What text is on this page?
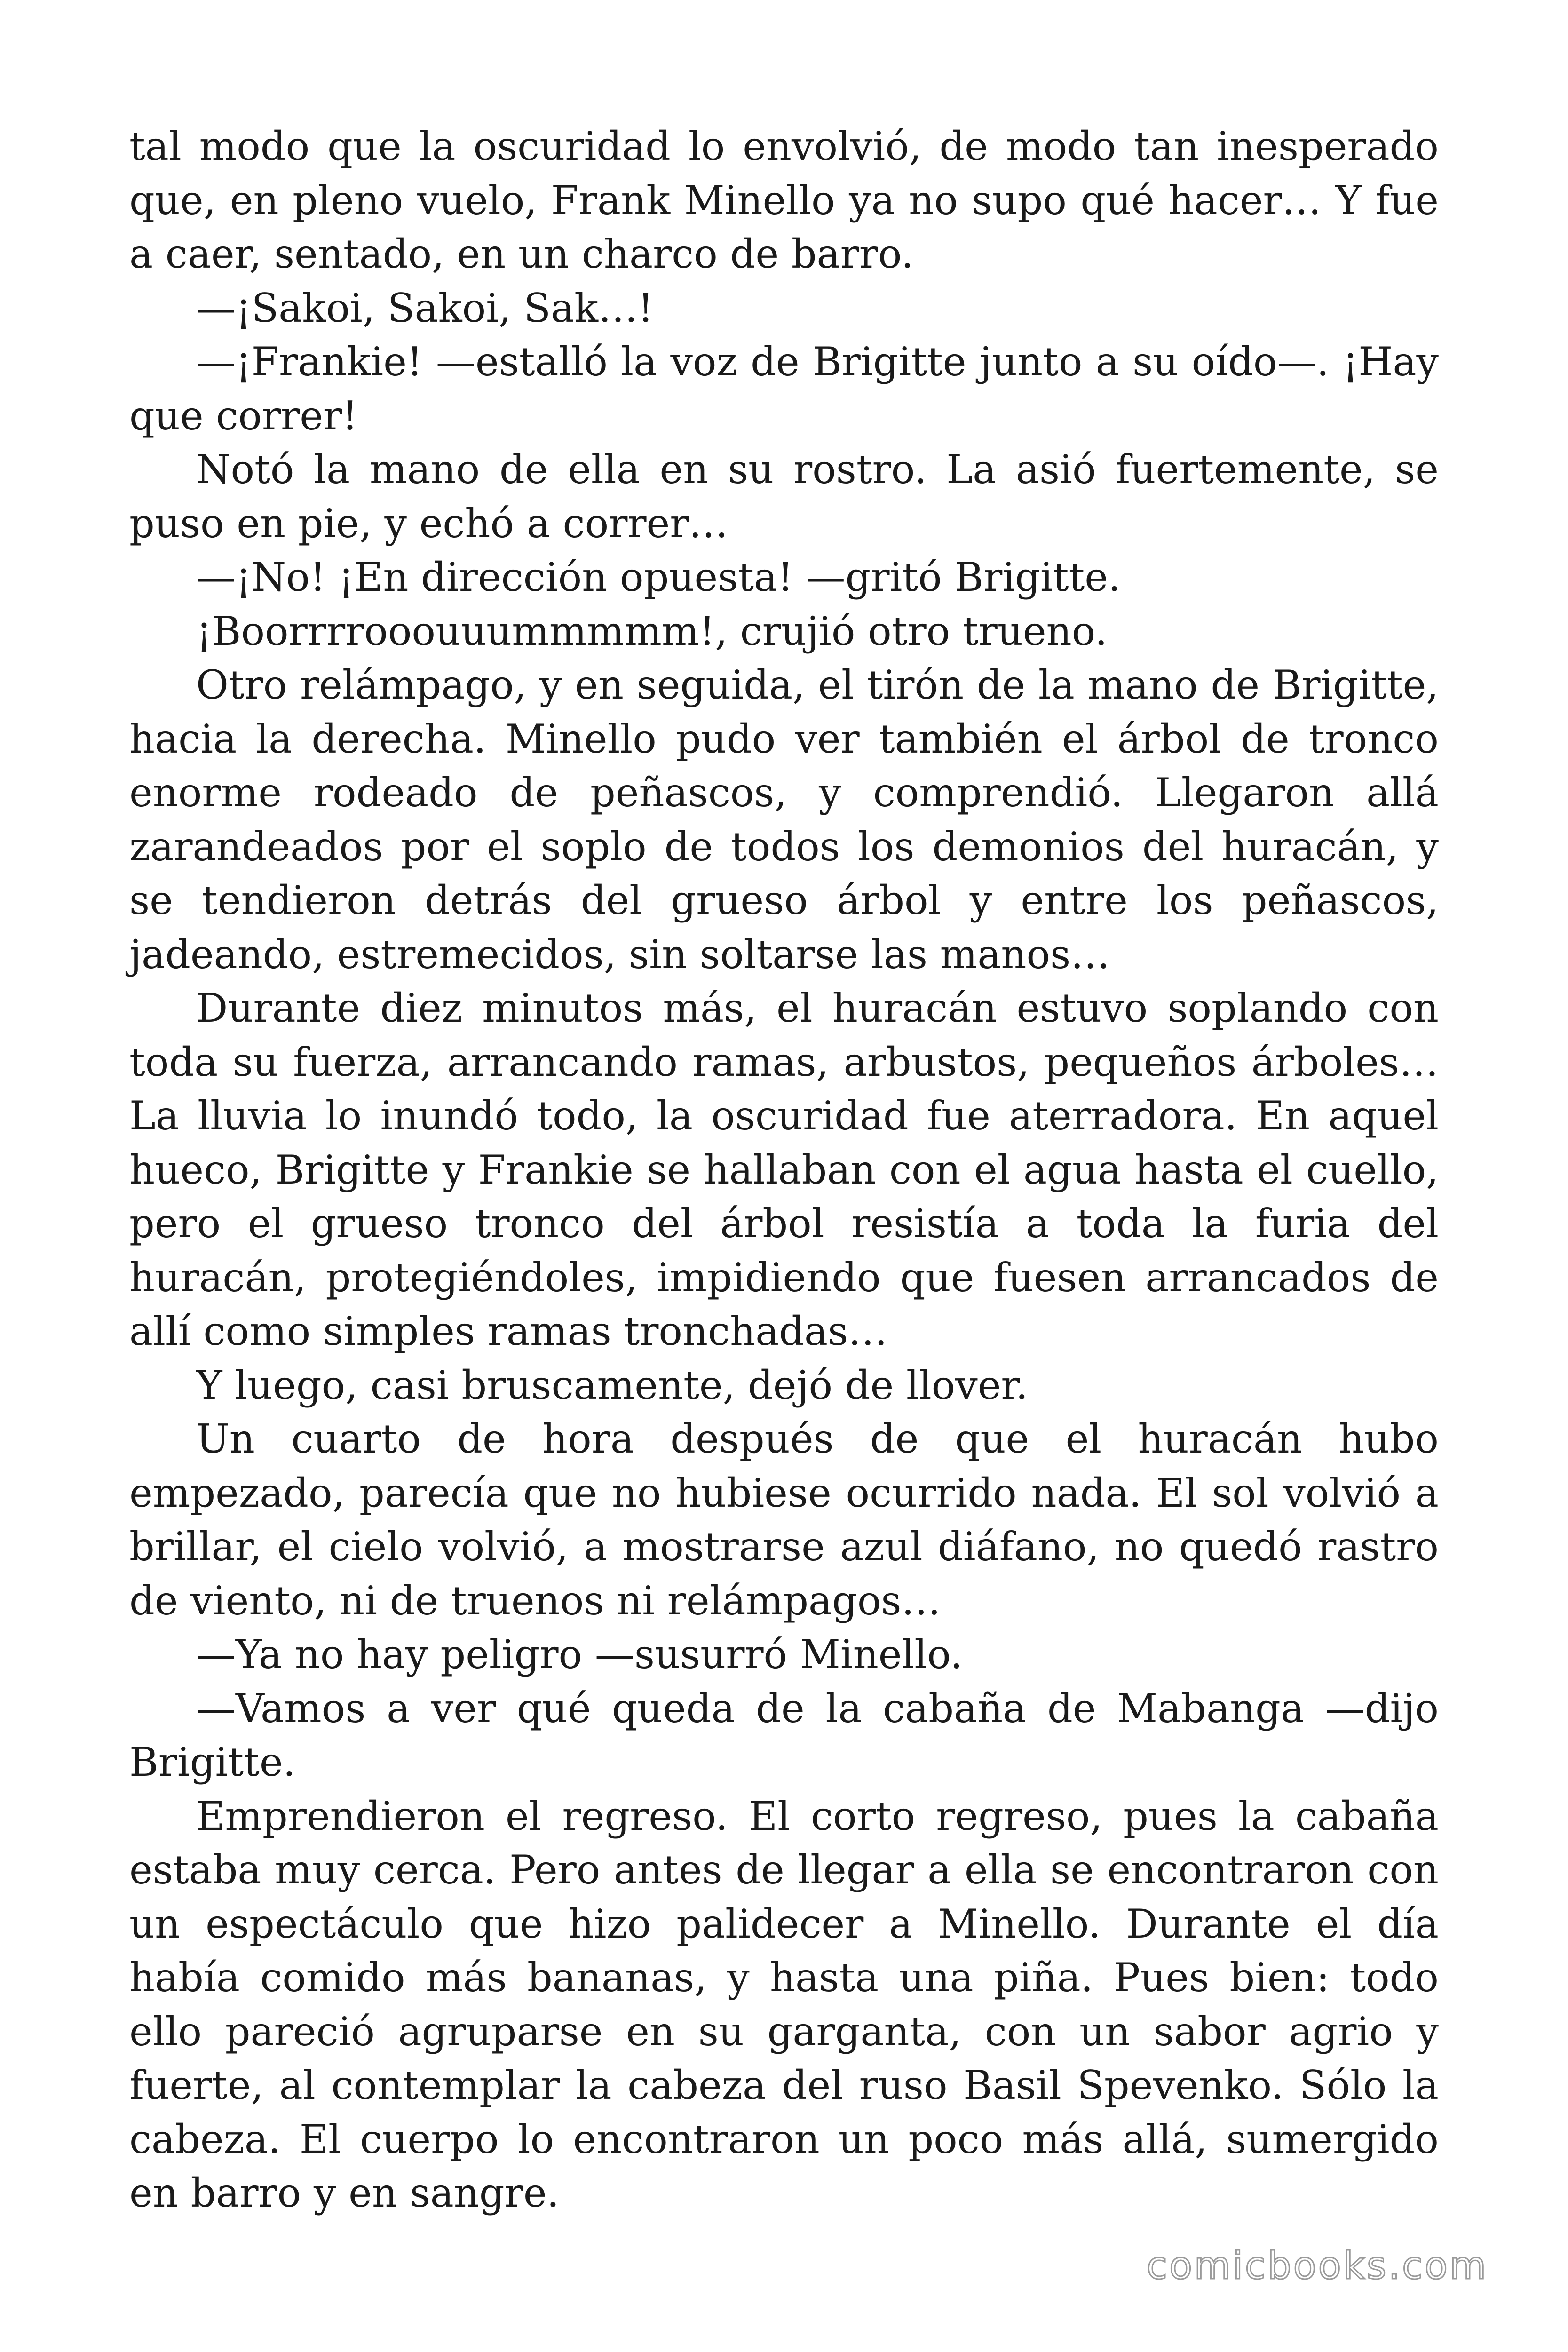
tal modo que la oscuridad lo envolvió, de modo tan inesperado que, en pleno vuelo, Frank Minello ya no supo qué hacer… Y fue a caer, sentado, en un charco de barro.

—¡Sakoi, Sakoi, Sak…!

—¡Frankie! —estalló la voz de Brigitte junto a su oído—. ¡Hay que correr!

Notó la mano de ella en su rostro. La asió fuertemente, se puso en pie, y echó a correr…

—¡No! ¡En dirección opuesta! —gritó Brigitte.

¡Boorrrrooouuummmmm!, crujió otro trueno.

Otro relámpago, y en seguida, el tirón de la mano de Brigitte, hacia la derecha. Minello pudo ver también el árbol de tronco enorme rodeado de peñascos, y comprendió. Llegaron allá zarandeados por el soplo de todos los demonios del huracán, y se tendieron detrás del grueso árbol y entre los peñascos, jadeando, estremecidos, sin soltarse las manos…

Durante diez minutos más, el huracán estuvo soplando con toda su fuerza, arrancando ramas, arbustos, pequeños árboles… La lluvia lo inundó todo, la oscuridad fue aterradora. En aquel hueco, Brigitte y Frankie se hallaban con el agua hasta el cuello, pero el grueso tronco del árbol resistía a toda la furia del huracán, protegiéndoles, impidiendo que fuesen arrancados de allí como simples ramas tronchadas…

Y luego, casi bruscamente, dejó de llover.

Un cuarto de hora después de que el huracán hubo empezado, parecía que no hubiese ocurrido nada. El sol volvió a brillar, el cielo volvió, a mostrarse azul diáfano, no quedó rastro de viento, ni de truenos ni relámpagos…

—Ya no hay peligro —susurró Minello.

—Vamos a ver qué queda de la cabaña de Mabanga —dijo Brigitte.

Emprendieron el regreso. El corto regreso, pues la cabaña estaba muy cerca. Pero antes de llegar a ella se encontraron con un espectáculo que hizo palidecer a Minello. Durante el día había comido más bananas, y hasta una piña. Pues bien: todo ello pareció agruparse en su garganta, con un sabor agrio y fuerte, al contemplar la cabeza del ruso Basil Spevenko. Sólo la cabeza. El cuerpo lo encontraron un poco más allá, sumergido en barro y en sangre.

comicbooks.com
